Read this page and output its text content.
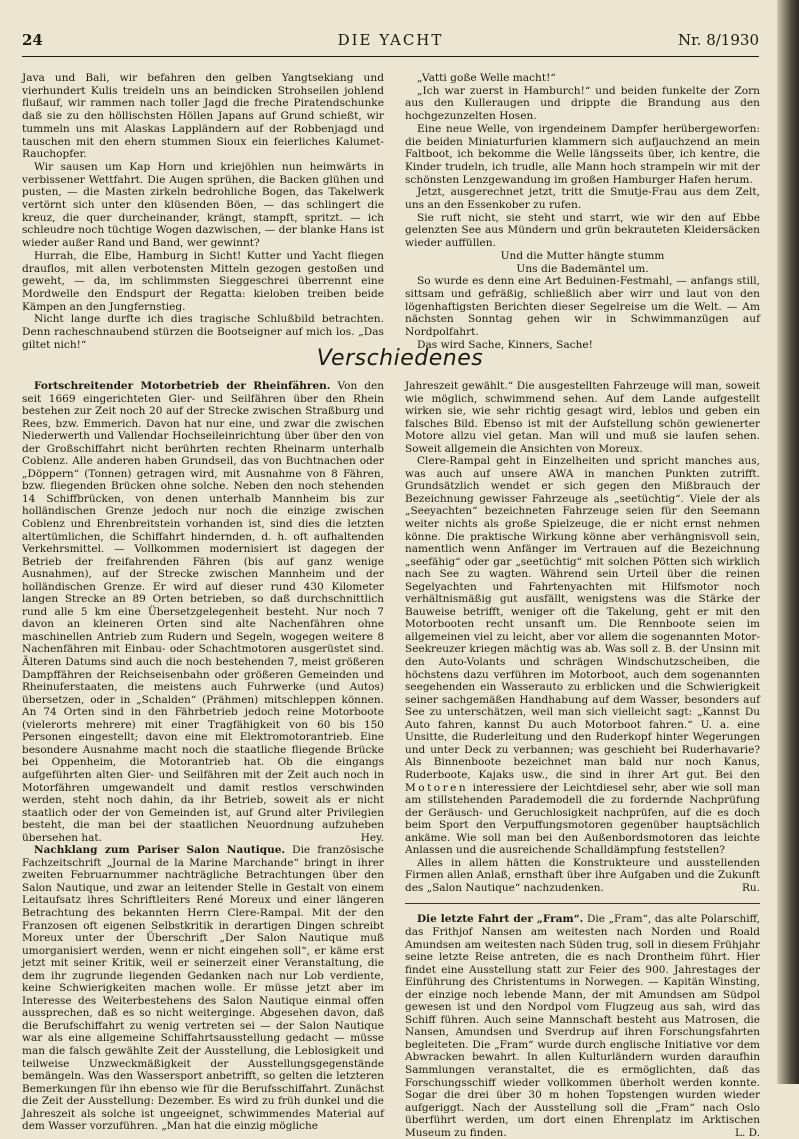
24	DIE YACHT	Nr. 8/1930

Java und Bali, wir befahren den gelben Yangtsekiang und vierhundert Kulis treideln uns an beindicken Strohseilen johlend flußauf, wir rammen nach toller Jagd die freche Piratendschunke daß sie zu den höllischsten Höllen Japans auf Grund schießt, wir tummeln uns mit Alaskas Lappländern auf der Robbenjagd und tauschen mit den ehern stummen Sioux ein feierliches Kalumet-Rauchopfer.

Wir sausen um Kap Horn und kriejöhlen nun heimwärts in verbissener Wettfahrt. Die Augen sprühen, die Backen glühen und pusten, — die Masten zirkeln bedrohliche Bogen, das Takelwerk vertörnt sich unter den klüsenden Böen, — das schlingert die kreuz, die quer durcheinander, krängt, stampft, spritzt. — ich schleudre noch tüchtige Wogen dazwischen, — der blanke Hans ist wieder außer Rand und Band, wer gewinnt?

Hurrah, die Elbe, Hamburg in Sicht! Kutter und Yacht fliegen drauflos, mit allen verbotensten Mitteln gezogen gestoßen und geweht, — da, im schlimmsten Sieggeschrei überrennt eine Mordwelle den Endspurt der Regatta: kieloben treiben beide Kämpen an den Jungfernstieg.

Nicht lange durfte ich dies tragische Schlußbild betrachten. Denn racheschnaubend stürzen die Bootseigner auf mich los. „Das giltet nich!“

„Vatti goße Welle macht!“

„Ich war zuerst in Hamburch!“ und beiden funkelte der Zorn aus den Kulleraugen und drippte die Brandung aus den hochgezunzelten Hosen.

Eine neue Welle, von irgendeinem Dampfer herübergeworfen: die beiden Miniaturfurien klammern sich aufjauchzend an mein Faltboot, ich bekomme die Welle längsseits über, ich kentre, die Kinder trudeln, ich trudle, alle Mann hoch strampeln wir mit der schönsten Lenzgewandung im großen Hamburger Hafen herum.

Jetzt, ausgerechnet jetzt, tritt die Smutje-Frau aus dem Zelt, uns an den Essenkober zu rufen.

Sie ruft nicht, sie steht und starrt, wie wir den auf Ebbe gelenzten See aus Mündern und grün bekrauteten Kleidersäcken wieder auffüllen.

Und die Mutter hängte stumm

Uns die Bademäntel um.

So wurde es denn eine Art Beduinen-Festmahl, — anfangs still, sittsam und gefräßig, schließlich aber wirr und laut von den lögenhaftigsten Berichten dieser Segelreise um die Welt. — Am nächsten Sonntag gehen wir in Schwimmanzügen auf Nordpolfahrt.

Das wird Sache, Kinners, Sache!

Verschiedenes

Fortschreitender Motorbetrieb der Rheinfähren. Von den seit 1669 eingerichteten Gier- und Seilfähren über den Rhein bestehen zur Zeit noch 20 auf der Strecke zwischen Straßburg und Rees, bzw. Emmerich. Davon hat nur eine, und zwar die zwischen Niederwerth und Vallendar Hochseileinrichtung über über den von der Großschiffahrt nicht berührten rechten Rheinarm unterhalb Coblenz. Alle anderen haben Grundseil, das von Buchtnachen oder „Döppern“ (Tonnen) getragen wird, mit Ausnahme von 8 Fähren, bzw. fliegenden Brücken ohne solche. Neben den noch stehenden 14 Schiffbrücken, von denen unterhalb Mannheim bis zur holländischen Grenze jedoch nur noch die einzige zwischen Coblenz und Ehrenbreitstein vorhanden ist, sind dies die letzten altertümlichen, die Schiffahrt hindernden, d. h. oft aufhaltenden Verkehrsmittel. — Vollkommen modernisiert ist dagegen der Betrieb der freifahrenden Fähren (bis auf ganz wenige Ausnahmen), auf der Strecke zwischen Mannheim und der holländischen Grenze. Er wird auf dieser rund 430 Kilometer langen Strecke an 89 Orten betrieben, so daß durchschnittlich rund alle 5 km eine Übersetzgelegenheit besteht. Nur noch 7 davon an kleineren Orten sind alte Nachenfähren ohne maschinellen Antrieb zum Rudern und Segeln, wogegen weitere 8 Nachenfähren mit Einbau- oder Schachtmotoren ausgerüstet sind. Älteren Datums sind auch die noch bestehenden 7, meist größeren Dampffähren der Reichseisenbahn oder größeren Gemeinden und Rheinuferstaaten, die meistens auch Fuhrwerke (und Autos) übersetzen, oder in „Schalden“ (Prähmen) mitschleppen können. An 74 Orten sind in den Fährbetrieb jedoch reine Motorboote (vielerorts mehrere) mit einer Tragfähigkeit von 60 bis 150 Personen eingestellt; davon eine mit Elektromotorantrieb. Eine besondere Ausnahme macht noch die staatliche fliegende Brücke bei Oppenheim, die Motorantrieb hat. Ob die eingangs aufgeführten alten Gier- und Seilfähren mit der Zeit auch noch in Motorfähren umgewandelt und damit restlos verschwinden werden, steht noch dahin, da ihr Betrieb, soweit als er nicht staatlich oder der von Gemeinden ist, auf Grund alter Privilegien besteht, die man bei der staatlichen Neuordnung aufzuheben übersehen hat.	Hey.

Nachklang zum Pariser Salon Nautique. Die französische Fachzeitschrift „Journal de la Marine Marchande“ bringt in ihrer zweiten Februarnummer nachträgliche Betrachtungen über den Salon Nautique, und zwar an leitender Stelle in Gestalt von einem Leitaufsatz ihres Schriftleiters René Moreux und einer längeren Betrachtung des bekannten Herrn Clere-Rampal. Mit der den Franzosen oft eigenen Selbstkritik in derartigen Dingen schreibt Moreux unter der Überschrift „Der Salon Nautique muß umorganisiert werden, wenn er nicht eingehen soll“, er käme erst jetzt mit seiner Kritik, weil er seinerzeit einer Veranstaltung, die dem ihr zugrunde liegenden Gedanken nach nur Lob verdiente, keine Schwierigkeiten machen wolle. Er müsse jetzt aber im Interesse des Weiterbestehens des Salon Nautique einmal offen aussprechen, daß es so nicht weiterginge. Abgesehen davon, daß die Berufschiffahrt zu wenig vertreten sei — der Salon Nautique war als eine allgemeine Schiffahrtsausstellung gedacht — müsse man die falsch gewählte Zeit der Ausstellung, die Leblosigkeit und teilweise Unzweckmäßigkeit der Ausstellungsgegenstände bemängeln. Was den Wassersport anbetrifft, so gelten die letzteren Bemerkungen für ihn ebenso wie für die Berufsschiffahrt. Zunächst die Zeit der Ausstellung: Dezember. Es wird zu früh dunkel und die Jahreszeit als solche ist ungeeignet, schwimmendes Material auf dem Wasser vorzuführen. „Man hat die einzig mögliche

Jahreszeit gewählt.“ Die ausgestellten Fahrzeuge will man, soweit wie möglich, schwimmend sehen. Auf dem Lande aufgestellt wirken sie, wie sehr richtig gesagt wird, leblos und geben ein falsches Bild. Ebenso ist mit der Aufstellung schön gewienerter Motore allzu viel getan. Man will und muß sie laufen sehen. Soweit allgemein die Ansichten von Moreux.

Clere-Rampal geht in Einzelheiten und spricht manches aus, was auch auf unsere AWA in manchen Punkten zutrifft. Grundsätzlich wendet er sich gegen den Mißbrauch der Bezeichnung gewisser Fahrzeuge als „seetüchtig“. Viele der als „Seeyachten“ bezeichneten Fahrzeuge seien für den Seemann weiter nichts als große Spielzeuge, die er nicht ernst nehmen könne. Die praktische Wirkung könne aber verhängnisvoll sein, namentlich wenn Anfänger im Vertrauen auf die Bezeichnung „seefähig“ oder gar „seetüchtig“ mit solchen Pötten sich wirklich nach See zu wagten. Während sein Urteil über die reinen Segelyachten und Fahrtenyachten mit Hilfsmotor noch verhältnismäßig gut ausfällt, wenigstens was die Stärke der Bauweise betrifft, weniger oft die Takelung, geht er mit den Motorbooten recht unsanft um. Die Rennboote seien im allgemeinen viel zu leicht, aber vor allem die sogenannten Motor-Seekreuzer kriegen mächtig was ab. Was soll z. B. der Unsinn mit den Auto-Volants und schrägen Windschutzscheiben, die höchstens dazu verführen im Motorboot, auch dem sogenannten seegehenden ein Wasserauto zu erblicken und die Schwierigkeit seiner sachgemäßen Handhabung auf dem Wasser, besonders auf See zu unterschätzen, weil man sich vielleicht sagt: „Kannst Du Auto fahren, kannst Du auch Motorboot fahren.“ U. a. eine Unsitte, die Ruderleitung und den Ruderkopf hinter Wegerungen und unter Deck zu verbannen; was geschieht bei Ruderhavarie? Als Binnenboote bezeichnet man bald nur noch Kanus, Ruderboote, Kajaks usw., die sind in ihrer Art gut. Bei den Motoren interessiere der Leichtdiesel sehr, aber wie soll man am stillstehenden Parademodell die zu fordernde Nachprüfung der Geräusch- und Geruchlosigkeit nachprüfen, auf die es doch beim Sport den Verpuffungsmotoren gegenüber hauptsächlich ankäme. Wie soll man bei den Außenbordsmotoren das leichte Anlassen und die ausreichende Schalldämpfung feststellen?

Alles in allem hätten die Konstrukteure und ausstellenden Firmen allen Anlaß, ernsthaft über ihre Aufgaben und die Zukunft des „Salon Nautique“ nachzudenken.	Ru.

Die letzte Fahrt der „Fram“. Die „Fram“, das alte Polarschiff, das Frithjof Nansen am weitesten nach Norden und Roald Amundsen am weitesten nach Süden trug, soll in diesem Frühjahr seine letzte Reise antreten, die es nach Drontheim führt. Hier findet eine Ausstellung statt zur Feier des 900. Jahrestages der Einführung des Christentums in Norwegen. — Kapitän Winsting, der einzige noch lebende Mann, der mit Amundsen am Südpol gewesen ist und den Nordpol vom Flugzeug aus sah, wird das Schiff führen. Auch seine Mannschaft besteht aus Matrosen, die Nansen, Amundsen und Sverdrup auf ihren Forschungsfahrten begleiteten. Die „Fram“ wurde durch englische Initiative vor dem Abwracken bewahrt. In allen Kulturländern wurden daraufhin Sammlungen veranstaltet, die es ermöglichten, daß das Forschungsschiff wieder vollkommen überholt werden konnte. Sogar die drei über 30 m hohen Topstengen wurden wieder aufgeriggt. Nach der Ausstellung soll die „Fram“ nach Oslo überführt werden, um dort einen Ehrenplatz im Arktischen Museum zu finden.	L. D.
